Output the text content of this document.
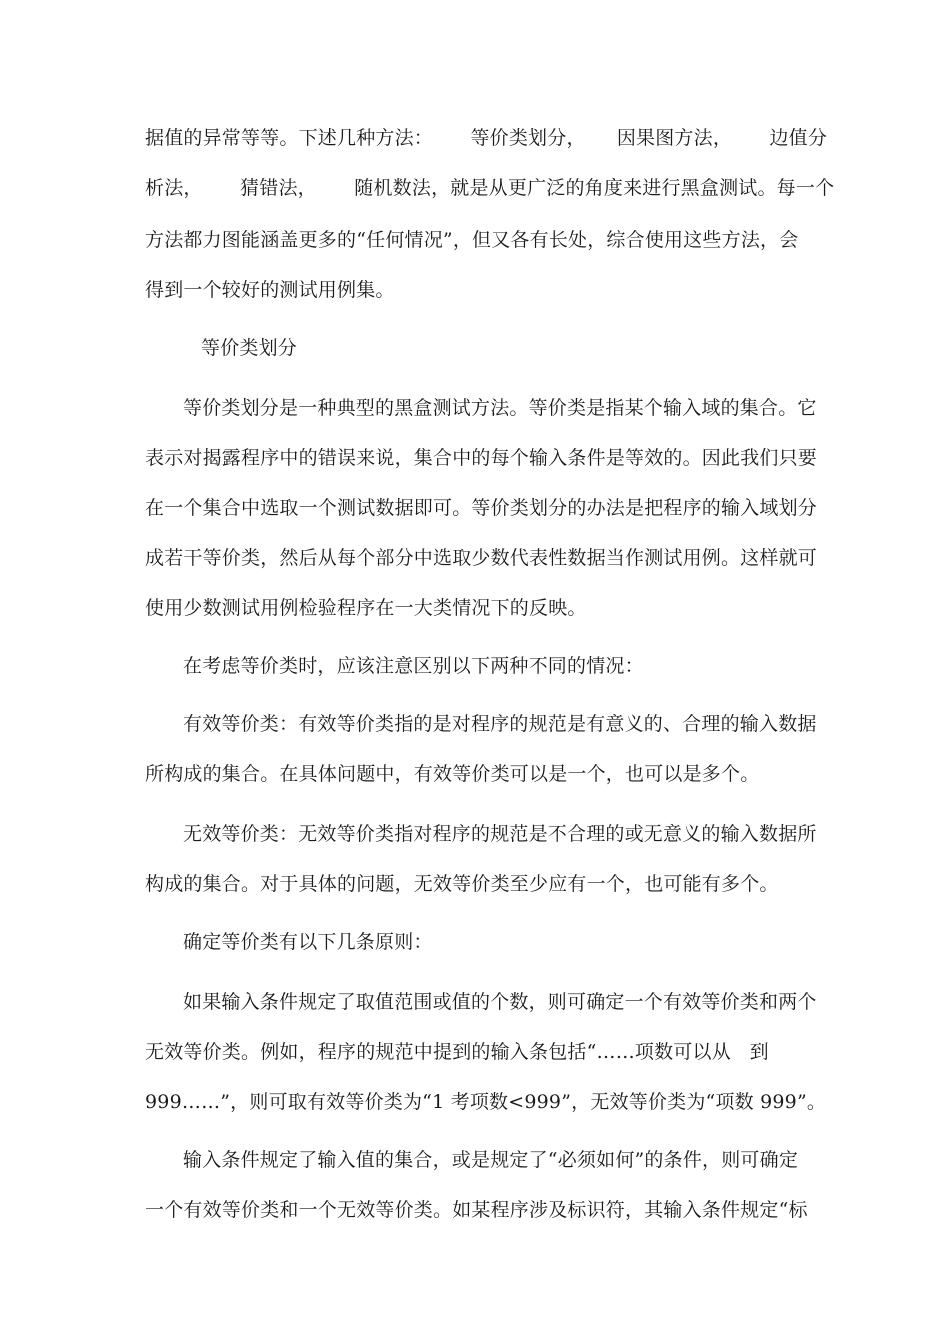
据值的异常等等。下述几种方法：      等价类划分，     因果图方法，      边值分
析法，      猜错法，      随机数法，就是从更广泛的角度来进行黑盒测试。每一个
方法都力图能涵盖更多的“任何情况”，但又各有长处，综合使用这些方法，会
得到一个较好的测试用例集。
等价类划分
等价类划分是一种典型的黑盒测试方法。等价类是指某个输入域的集合。它
表示对揭露程序中的错误来说，集合中的每个输入条件是等效的。因此我们只要
在一个集合中选取一个测试数据即可。等价类划分的办法是把程序的输入域划分
成若干等价类，然后从每个部分中选取少数代表性数据当作测试用例。这样就可
使用少数测试用例检验程序在一大类情况下的反映。
在考虑等价类时，应该注意区别以下两种不同的情况：
有效等价类：有效等价类指的是对程序的规范是有意义的、合理的输入数据
所构成的集合。在具体问题中，有效等价类可以是一个，也可以是多个。
无效等价类：无效等价类指对程序的规范是不合理的或无意义的输入数据所
构成的集合。对于具体的问题，无效等价类至少应有一个，也可能有多个。
确定等价类有以下几条原则：
如果输入条件规定了取值范围或值的个数，则可确定一个有效等价类和两个
无效等价类。例如，程序的规范中提到的输入条包括“……项数可以从   到
999……”，则可取有效等价类为“1 考项数<999”，无效等价类为“项数 999”。
输入条件规定了输入值的集合，或是规定了“必须如何”的条件，则可确定
一个有效等价类和一个无效等价类。如某程序涉及标识符，其输入条件规定“标
